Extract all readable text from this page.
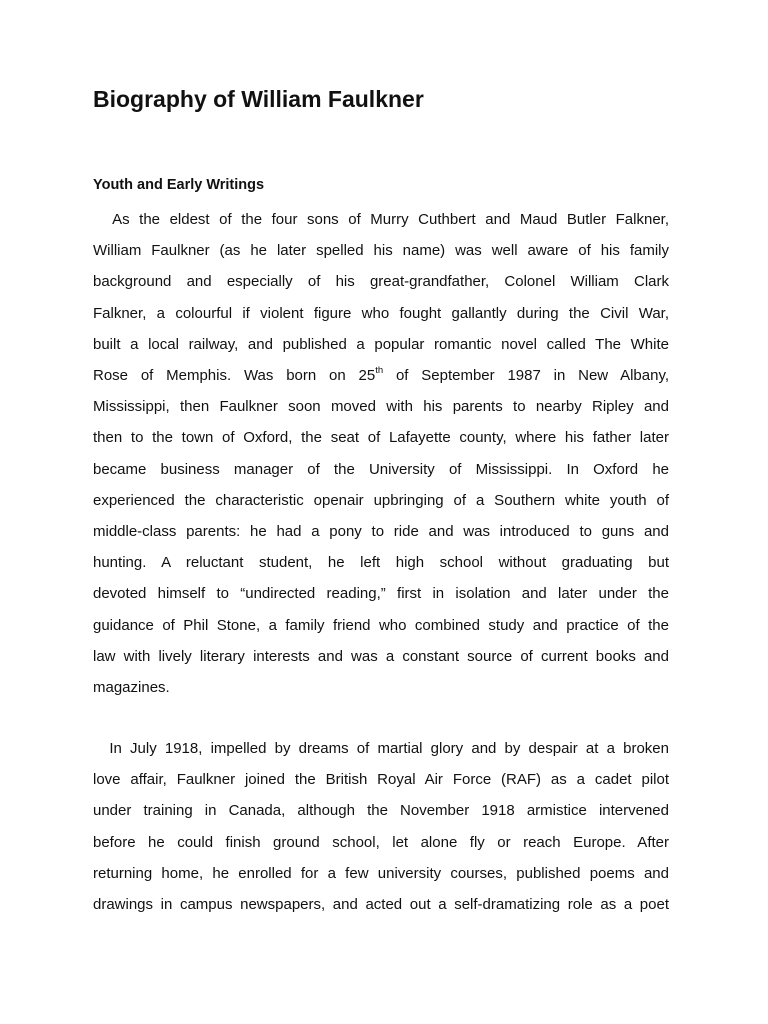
Biography of William Faulkner
Youth and Early Writings
As the eldest of the four sons of Murry Cuthbert and Maud Butler Falkner,
William Faulkner (as he later spelled his name) was well aware of his family
background and especially of his great-grandfather, Colonel William Clark
Falkner, a colourful if violent figure who fought gallantly during the Civil War,
built a local railway, and published a popular romantic novel called The White
Rose of Memphis. Was born on 25th of September 1987 in New Albany,
Mississippi, then Faulkner soon moved with his parents to nearby Ripley and
then to the town of Oxford, the seat of Lafayette county, where his father later
became business manager of the University of Mississippi. In Oxford he
experienced the characteristic openair upbringing of a Southern white youth of
middle-class parents: he had a pony to ride and was introduced to guns and
hunting. A reluctant student, he left high school without graduating but
devoted himself to “undirected reading,” first in isolation and later under the
guidance of Phil Stone, a family friend who combined study and practice of the
law with lively literary interests and was a constant source of current books and
magazines.
In July 1918, impelled by dreams of martial glory and by despair at a broken
love affair, Faulkner joined the British Royal Air Force (RAF) as a cadet pilot
under training in Canada, although the November 1918 armistice intervened
before he could finish ground school, let alone fly or reach Europe. After
returning home, he enrolled for a few university courses, published poems and
drawings in campus newspapers, and acted out a self-dramatizing role as a poet
